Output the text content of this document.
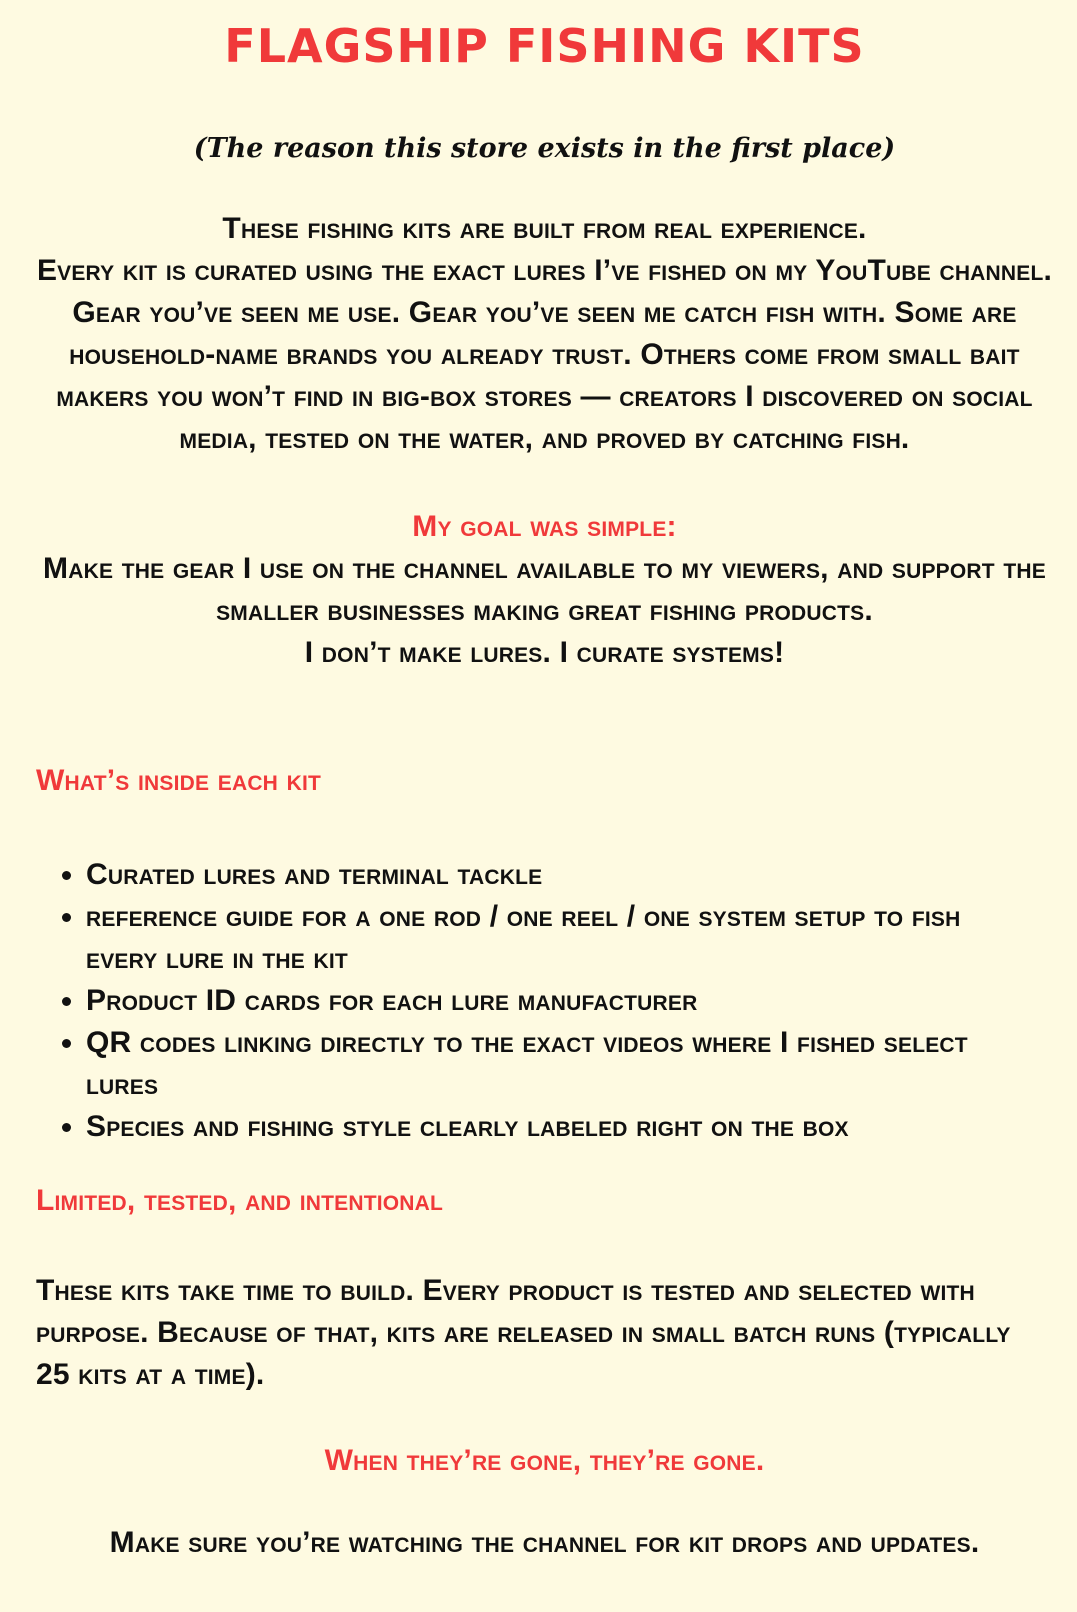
FLAGSHIP FISHING KITS
(The reason this store exists in the first place)

These fishing kits are built from real experience.

Every kit is curated using the exact lures I’ve fished on my YouTube channel. Gear you’ve seen me use. Gear you’ve seen me catch fish with. Some are household-name brands you already trust. Others come from small bait makers you won’t find in big-box stores — creators I discovered on social media, tested on the water, and proved by catching fish.

My goal was simple:

Make the gear I use on the channel available to my viewers, and support the smaller businesses making great fishing products.

I don’t make lures. I curate systems!

What’s inside each kit
• Curated lures and terminal tackle
• reference guide for a one rod / one reel / one system setup to fish every lure in the kit
• Product ID cards for each lure manufacturer
• QR codes linking directly to the exact videos where I fished select lures
• Species and fishing style clearly labeled right on the box
Limited, tested, and intentional

These kits take time to build. Every product is tested and selected with purpose. Because of that, kits are released in small batch runs (typically 25 kits at a time).

When they’re gone, they’re gone.

Make sure you’re watching the channel for kit drops and updates.
